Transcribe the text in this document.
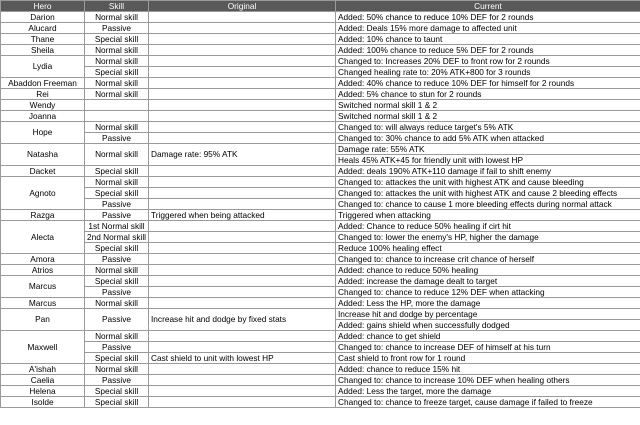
Hero	Skill	Original	Current
Darion	Normal skill		Added: 50% chance to reduce 10% DEF for 2 rounds
Alucard	Passive		Added: Deals 15% more damage to affected unit
Thane	Special skill		Added: 10% chance to taunt
Sheila	Normal skill		Added: 100% chance to reduce 5% DEF for 2 rounds
Lydia	Normal skill		Changed to: Increases 20% DEF to front row for 2 rounds
	Special skill		Changed healing rate to: 20% ATK+800 for 3 rounds
Abaddon Freeman	Normal skill		Added: 40% chance to reduce 10% DEF for himself for 2 rounds
Rei	Normal skill		Added: 5% chance to stun for 2 rounds
Wendy			Switched normal skill 1 & 2
Joanna			Switched normal skill 1 & 2
Hope	Normal skill		Changed to: will always reduce target's 5% ATK
	Passive		Changed to: 30% chance to add 5% ATK when attacked
Natasha	Normal skill	Damage rate: 95% ATK	Damage rate: 55% ATK
			Heals 45% ATK+45 for friendly unit with lowest HP
Dacket	Special skill		Added: deals 190% ATK+110 damage if fail to shift enemy
Agnoto	Normal skill		Changed to: attackes the unit with highest ATK and cause bleeding
	Special skill		Changed to: attackes the unit with highest ATK and cause 2 bleeding effects
	Passive		Changed to: chance to cause 1 more bleeding effects during normal attack
Razga	Passive	Triggered when being attacked	Triggered when attacking
Alecta	1st Normal skill		Added: Chance to reduce 50% healing if cirt hit
	2nd Normal skill		Changed to: lower the enemy's HP, higher the damage
	Special skill		Reduce 100% healing effect
Amora	Passive		Changed to: chance to increase crit chance of herself
Atrios	Normal skill		Added: chance to reduce 50% healing
Marcus	Special skill		Added: increase the damage dealt to target
	Passive		Changed to: chance to reduce 12% DEF when attacking
Marcus	Normal skill		Added: Less the HP, more the damage
Pan	Passive	Increase hit and dodge by fixed stats	Increase hit and dodge by percentage
			Added: gains shield when successfully dodged
Maxwell	Normal skill		Added: chance to get shield
	Passive		Changed to: chance to increase DEF of himself at his turn
	Special skill	Cast shield to unit with lowest HP	Cast shield to front row for 1 round
A'ishah	Normal skill		Added: chance to reduce 15% hit
Caelia	Passive		Changed to: chance to increase 10% DEF when healing others
Helena	Special skill		Added: Less the target, more the damage
Isolde	Special skill		Changed to: chance to freeze target, cause damage if failed to freeze
